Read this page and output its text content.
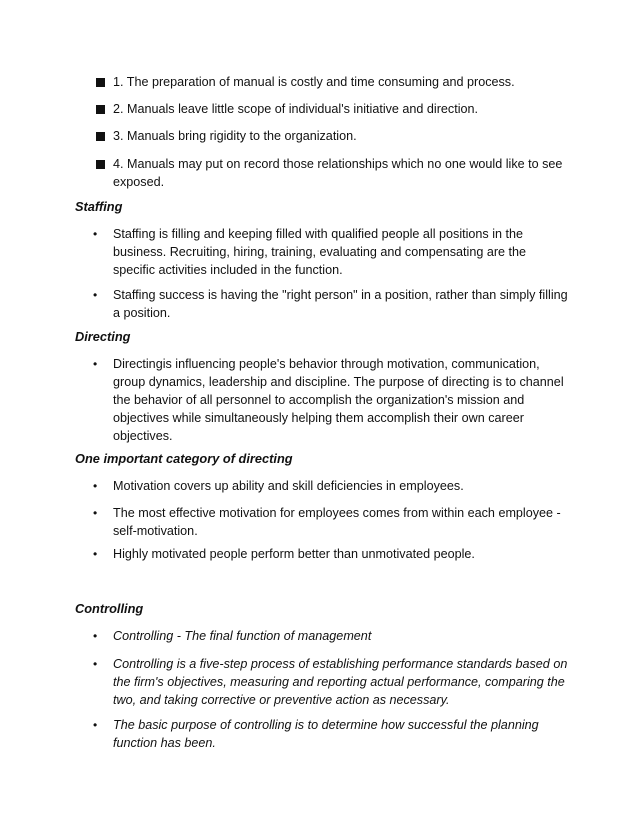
1. The preparation of manual is costly and time consuming and process.
2. Manuals leave little scope of individual's initiative and direction.
3. Manuals bring rigidity to the organization.
4. Manuals may put on record those relationships which no one would like to see exposed.
Staffing
• Staffing is filling and keeping filled with qualified people all positions in the business. Recruiting, hiring, training, evaluating and compensating are the specific activities included in the function.
• Staffing success is having the "right person" in a position, rather than simply filling a position.
Directing
• Directingis influencing people's behavior through motivation, communication, group dynamics, leadership and discipline. The purpose of directing is to channel the behavior of all personnel to accomplish the organization's mission and objectives while simultaneously helping them accomplish their own career objectives.
One important category of directing
• Motivation covers up ability and skill deficiencies in employees.
• The most effective motivation for employees comes from within each employee - self-motivation.
• Highly motivated people perform better than unmotivated people.
Controlling
• Controlling - The final function of management
• Controlling is a five-step process of establishing performance standards based on the firm's objectives, measuring and reporting actual performance, comparing the two, and taking corrective or preventive action as necessary.
• The basic purpose of controlling is to determine how successful the planning function has been.
